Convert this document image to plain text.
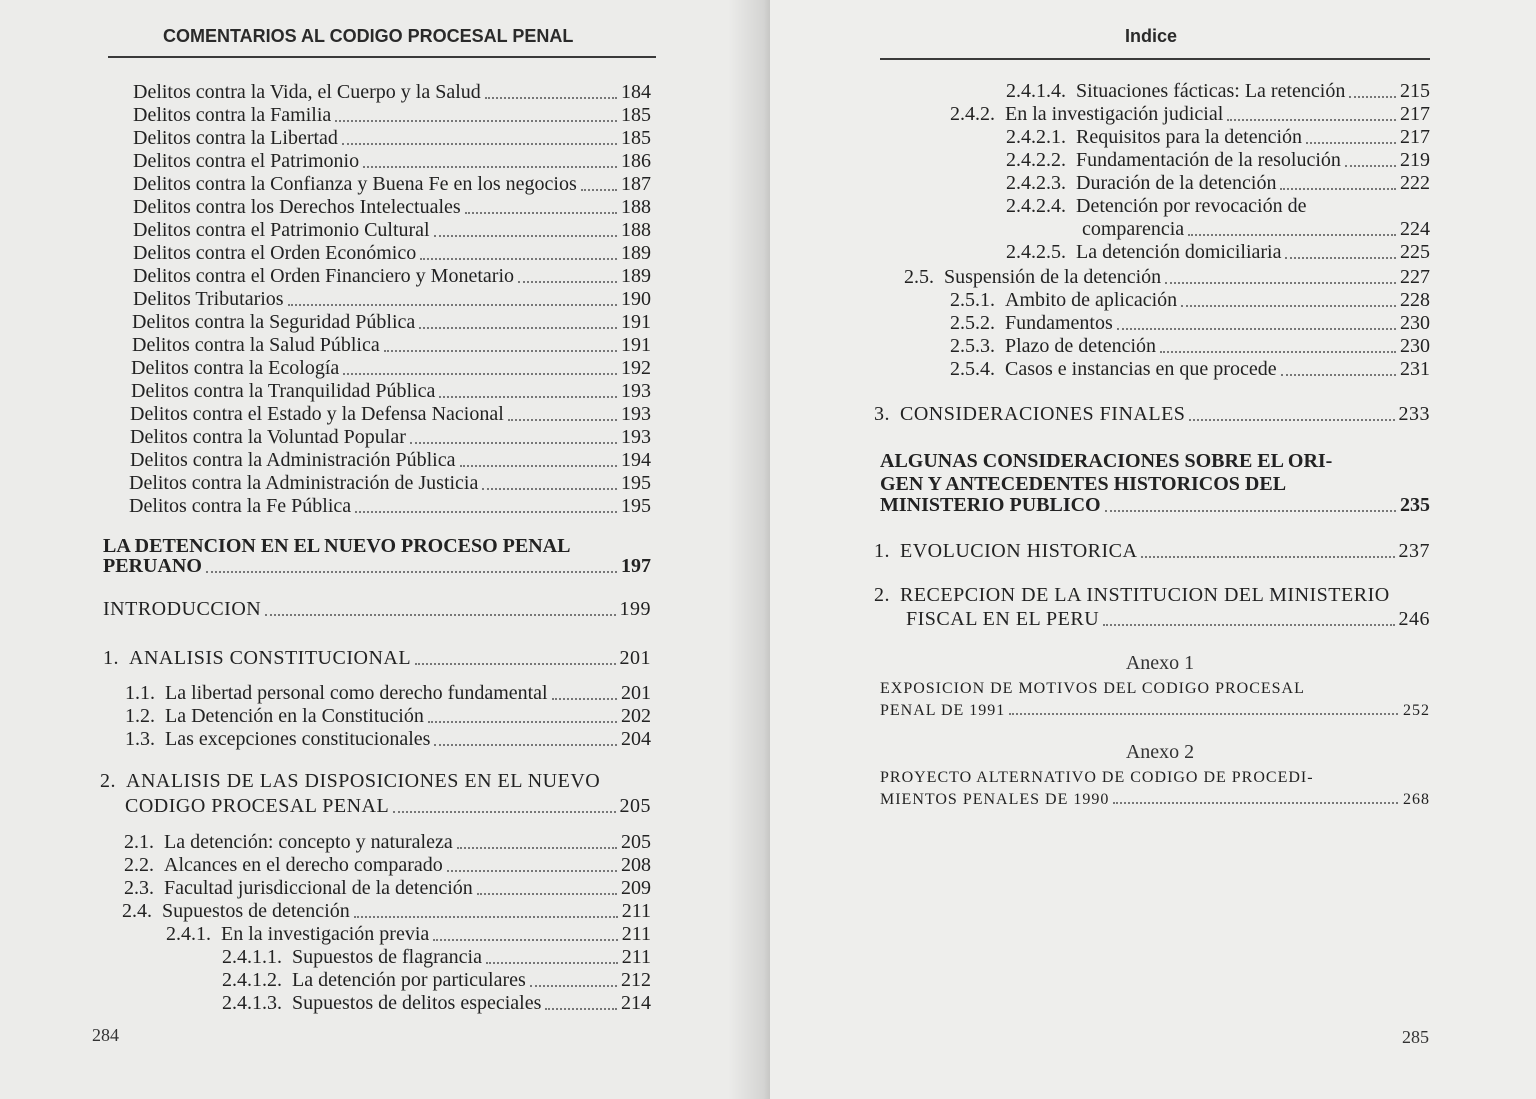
COMENTARIOS AL CODIGO PROCESAL PENAL
Delitos contra la Vida, el Cuerpo y la Salud	184
Delitos contra la Familia	185
Delitos contra la Libertad	185
Delitos contra el Patrimonio	186
Delitos contra la Confianza y Buena Fe en los negocios 187
Delitos contra los Derechos Intelectuales	188
Delitos contra el Patrimonio Cultural	188
Delitos contra el Orden Económico	189
Delitos contra el Orden Financiero y Monetario	189
Delitos Tributarios	190
Delitos contra la Seguridad Pública	191
Delitos contra la Salud Pública	191
Delitos contra la Ecología	192
Delitos contra la Tranquilidad Pública	193
Delitos contra el Estado y la Defensa Nacional	193
Delitos contra la Voluntad Popular	193
Delitos contra la Administración Pública	194
Delitos contra la Administración de Justicia	195
Delitos contra la Fe Pública	195
LA DETENCION EN EL NUEVO PROCESO PENAL
PERUANO	197
INTRODUCCION	199
1. ANALISIS CONSTITUCIONAL	201
1.1. La libertad personal como derecho fundamental	201
1.2. La Detención en la Constitución	202
1.3. Las excepciones constitucionales	204
2. ANALISIS DE LAS DISPOSICIONES EN EL NUEVO
CODIGO PROCESAL PENAL	205
2.1. La detención: concepto y naturaleza	205
2.2. Alcances en el derecho comparado	208
2.3. Facultad jurisdiccional de la detención	209
2.4. Supuestos de detención	211
2.4.1. En la investigación previa	211
2.4.1.1. Supuestos de flagrancia	211
2.4.1.2. La detención por particulares	212
2.4.1.3. Supuestos de delitos especiales	214
284
Indice
2.4.1.4. Situaciones fácticas: La retención	215
2.4.2. En la investigación judicial	217
2.4.2.1. Requisitos para la detención	217
2.4.2.2. Fundamentación de la resolución	219
2.4.2.3. Duración de la detención	222
2.4.2.4. Detención por revocación de
comparencia	224
2.4.2.5. La detención domiciliaria	225
2.5. Suspensión de la detención	227
2.5.1. Ambito de aplicación	228
2.5.2. Fundamentos	230
2.5.3. Plazo de detención	230
2.5.4. Casos e instancias en que procede	231
3. CONSIDERACIONES FINALES	233
ALGUNAS CONSIDERACIONES SOBRE EL ORI-
GEN Y ANTECEDENTES HISTORICOS DEL
MINISTERIO PUBLICO	235
1. EVOLUCION HISTORICA	237
2. RECEPCION DE LA INSTITUCION DEL MINISTERIO
FISCAL EN EL PERU	246
Anexo 1
EXPOSICION DE MOTIVOS DEL CODIGO PROCESAL
PENAL DE 1991	252
Anexo 2
PROYECTO ALTERNATIVO DE CODIGO DE PROCEDI-
MIENTOS PENALES DE 1990	268
285
